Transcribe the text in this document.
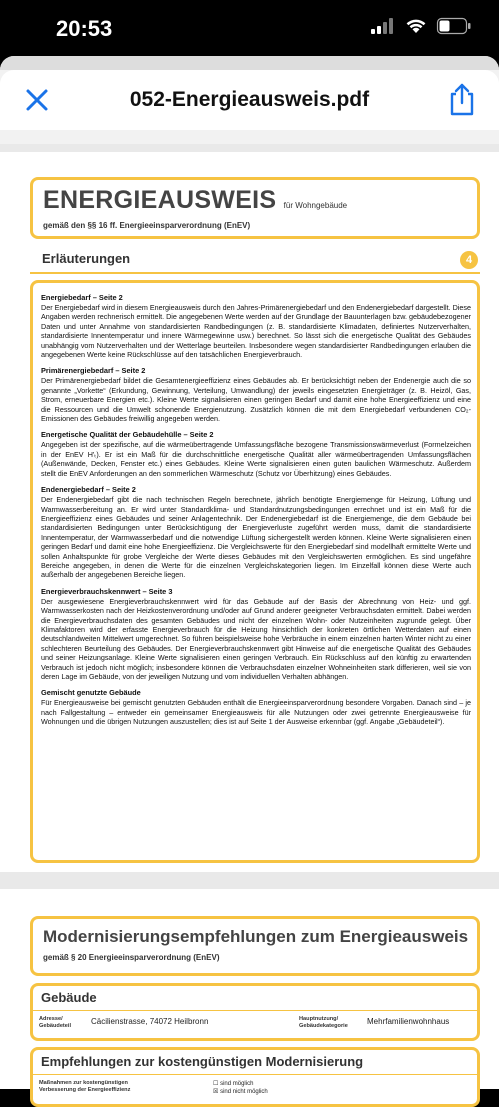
20:53
052-Energieausweis.pdf
ENERGIEAUSWEIS für Wohngebäude
gemäß den §§ 16 ff. Energieeinsparverordnung (EnEV)
Erläuterungen	4
Energiebedarf – Seite 2
Der Energiebedarf wird in diesem Energieausweis durch den Jahres-Primärenergiebedarf und den Endenergiebedarf dargestellt. Diese Angaben werden rechnerisch ermittelt. Die angegebenen Werte werden auf der Grundlage der Bauunterlagen bzw. gebäudebezogener Daten und unter Annahme von standardisierten Randbedingungen (z. B. standardisierte Klimadaten, definiertes Nutzerverhalten, standardisierte Innentemperatur und innere Wärmegewinne usw.) berechnet. So lässt sich die energetische Qualität des Gebäudes unabhängig vom Nutzerverhalten und der Wetterlage beurteilen. Insbesondere wegen standardisierter Randbedingungen erlauben die angegebenen Werte keine Rückschlüsse auf den tatsächlichen Energieverbrauch.
Primärenergiebedarf – Seite 2
Der Primärenergiebedarf bildet die Gesamtenergieeffizienz eines Gebäudes ab. Er berücksichtigt neben der Endenergie auch die so genannte „Vorkette“ (Erkundung, Gewinnung, Verteilung, Umwandlung) der jeweils eingesetzten Energieträger (z. B. Heizöl, Gas, Strom, erneuerbare Energien etc.). Kleine Werte signalisieren einen geringen Bedarf und damit eine hohe Energieeffizienz und eine die Ressourcen und die Umwelt schonende Energienutzung. Zusätzlich können die mit dem Energiebedarf verbundenen CO₂-Emissionen des Gebäudes freiwillig angegeben werden.
Energetische Qualität der Gebäudehülle – Seite 2
Angegeben ist der spezifische, auf die wärmeübertragende Umfassungsfläche bezogene Transmissionswärmeverlust (Formelzeichen in der EnEV H'ₜ). Er ist ein Maß für die durchschnittliche energetische Qualität aller wärmeübertragenden Umfassungsflächen (Außenwände, Decken, Fenster etc.) eines Gebäudes. Kleine Werte signalisieren einen guten baulichen Wärmeschutz. Außerdem stellt die EnEV Anforderungen an den sommerlichen Wärmeschutz (Schutz vor Überhitzung) eines Gebäudes.
Endenergiebedarf – Seite 2
Der Endenergiebedarf gibt die nach technischen Regeln berechnete, jährlich benötigte Energiemenge für Heizung, Lüftung und Warmwasserbereitung an. Er wird unter Standardklima- und Standardnutzungsbedingungen errechnet und ist ein Maß für die Energieeffizienz eines Gebäudes und seiner Anlagentechnik. Der Endenergiebedarf ist die Energiemenge, die dem Gebäude bei standardisierten Bedingungen unter Berücksichtigung der Energieverluste zugeführt werden muss, damit die standardisierte Innentemperatur, der Warmwasserbedarf und die notwendige Lüftung sichergestellt werden können. Kleine Werte signalisieren einen geringen Bedarf und damit eine hohe Energieeffizienz. Die Vergleichswerte für den Energiebedarf sind modellhaft ermittelte Werte und sollen Anhaltspunkte für grobe Vergleiche der Werte dieses Gebäudes mit den Vergleichswerten ermöglichen. Es sind ungefähre Bereiche angegeben, in denen die Werte für die einzelnen Vergleichskategorien liegen. Im Einzelfall können diese Werte auch außerhalb der angegebenen Bereiche liegen.
Energieverbrauchskennwert – Seite 3
Der ausgewiesene Energieverbrauchskennwert wird für das Gebäude auf der Basis der Abrechnung von Heiz- und ggf. Warmwasserkosten nach der Heizkostenverordnung und/oder auf Grund anderer geeigneter Verbrauchsdaten ermittelt. Dabei werden die Energieverbrauchsdaten des gesamten Gebäudes und nicht der einzelnen Wohn- oder Nutzeinheiten zugrunde gelegt. Über Klimafaktoren wird der erfasste Energieverbrauch für die Heizung hinsichtlich der konkreten örtlichen Wetterdaten auf einen deutschlandweiten Mittelwert umgerechnet. So führen beispielsweise hohe Verbräuche in einem einzelnen harten Winter nicht zu einer schlechteren Beurteilung des Gebäudes. Der Energieverbrauchskennwert gibt Hinweise auf die energetische Qualität des Gebäudes und seiner Heizungsanlage. Kleine Werte signalisieren einen geringen Verbrauch. Ein Rückschluss auf den künftig zu erwartenden Verbrauch ist jedoch nicht möglich; insbesondere können die Verbrauchsdaten einzelner Wohneinheiten stark differieren, weil sie von deren Lage im Gebäude, von der jeweiligen Nutzung und vom individuellen Verhalten abhängen.
Gemischt genutzte Gebäude
Für Energieausweise bei gemischt genutzten Gebäuden enthält die Energieeinsparverordnung besondere Vorgaben. Danach sind – je nach Fallgestaltung – entweder ein gemeinsamer Energieausweis für alle Nutzungen oder zwei getrennte Energieausweise für Wohnungen und die übrigen Nutzungen auszustellen; dies ist auf Seite 1 der Ausweise erkennbar (ggf. Angabe „Gebäudeteil“).
Modernisierungsempfehlungen zum Energieausweis
gemäß § 20 Energieeinsparverordnung (EnEV)
Gebäude
Adresse/
Gebäudeteil Cäcilienstrasse, 74072 Heilbronn	Hauptnutzung/
Gebäudekategorie Mehrfamilienwohnhaus
Empfehlungen zur kostengünstigen Modernisierung
Maßnahmen zur kostengünstigen
Verbesserung der Energieeffizienz
☐ sind möglich
☒ sind nicht möglich
